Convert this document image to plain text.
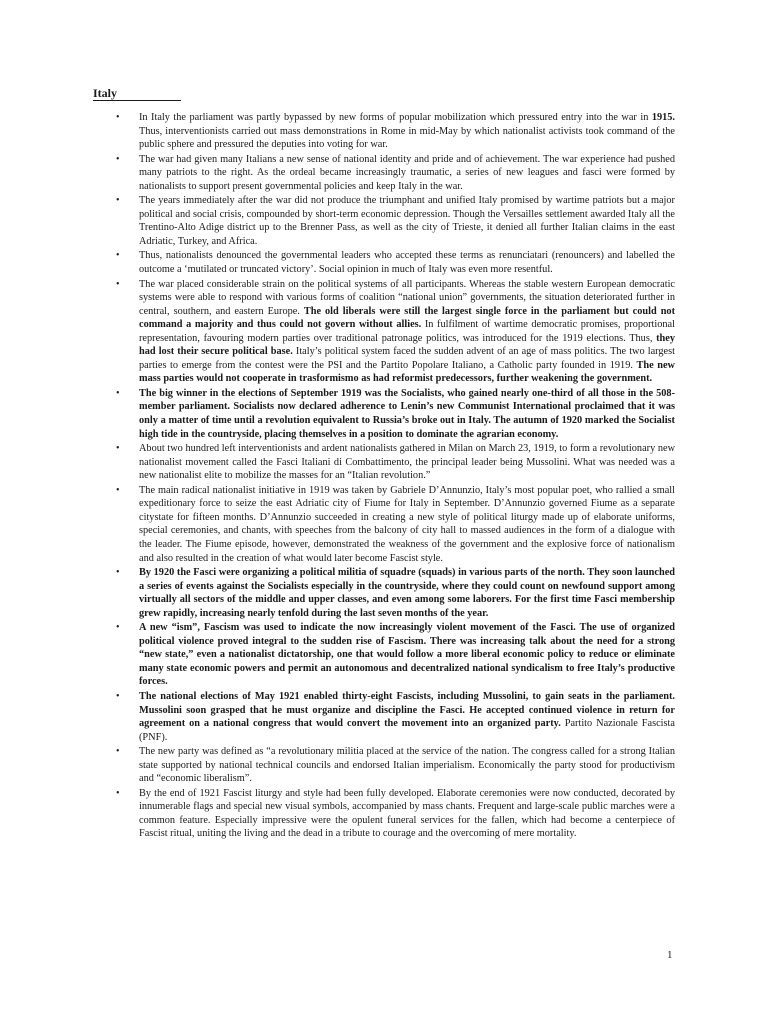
Italy
• In Italy the parliament was partly bypassed by new forms of popular mobilization which pressured entry into the war in 1915. Thus, interventionists carried out mass demonstrations in Rome in mid-May by which nationalist activists took command of the public sphere and pressured the deputies into voting for war.
• The war had given many Italians a new sense of national identity and pride and of achievement. The war experience had pushed many patriots to the right. As the ordeal became increasingly traumatic, a series of new leagues and fasci were formed by nationalists to support present governmental policies and keep Italy in the war.
• The years immediately after the war did not produce the triumphant and unified Italy promised by wartime patriots but a major political and social crisis, compounded by short-term economic depression. Though the Versailles settlement awarded Italy all the Trentino-Alto Adige district up to the Brenner Pass, as well as the city of Trieste, it denied all further Italian claims in the east Adriatic, Turkey, and Africa.
• Thus, nationalists denounced the governmental leaders who accepted these terms as renunciatari (renouncers) and labelled the outcome a ‘mutilated or truncated victory’. Social opinion in much of Italy was even more resentful.
• The war placed considerable strain on the political systems of all participants. Whereas the stable western European democratic systems were able to respond with various forms of coalition “national union” governments, the situation deteriorated further in central, southern, and eastern Europe. The old liberals were still the largest single force in the parliament but could not command a majority and thus could not govern without allies. In fulfilment of wartime democratic promises, proportional representation, favouring modern parties over traditional patronage politics, was introduced for the 1919 elections. Thus, they had lost their secure political base. Italy’s political system faced the sudden advent of an age of mass politics. The two largest parties to emerge from the contest were the PSI and the Partito Popolare Italiano, a Catholic party founded in 1919. The new mass parties would not cooperate in trasformismo as had reformist predecessors, further weakening the government.
• The big winner in the elections of September 1919 was the Socialists, who gained nearly one-third of all those in the 508-member parliament. Socialists now declared adherence to Lenin’s new Communist International proclaimed that it was only a matter of time until a revolution equivalent to Russia’s broke out in Italy. The autumn of 1920 marked the Socialist high tide in the countryside, placing themselves in a position to dominate the agrarian economy.
• About two hundred left interventionists and ardent nationalists gathered in Milan on March 23, 1919, to form a revolutionary new nationalist movement called the Fasci Italiani di Combattimento, the principal leader being Mussolini. What was needed was a new nationalist elite to mobilize the masses for an “Italian revolution.”
• The main radical nationalist initiative in 1919 was taken by Gabriele D’Annunzio, Italy’s most popular poet, who rallied a small expeditionary force to seize the east Adriatic city of Fiume for Italy in September. D’Annunzio governed Fiume as a separate citystate for fifteen months. D’Annunzio succeeded in creating a new style of political liturgy made up of elaborate uniforms, special ceremonies, and chants, with speeches from the balcony of city hall to massed audiences in the form of a dialogue with the leader. The Fiume episode, however, demonstrated the weakness of the government and the explosive force of nationalism and also resulted in the creation of what would later become Fascist style.
• By 1920 the Fasci were organizing a political militia of squadre (squads) in various parts of the north. They soon launched a series of events against the Socialists especially in the countryside, where they could count on newfound support among virtually all sectors of the middle and upper classes, and even among some laborers. For the first time Fasci membership grew rapidly, increasing nearly tenfold during the last seven months of the year.
• A new “ism”, Fascism was used to indicate the now increasingly violent movement of the Fasci. The use of organized political violence proved integral to the sudden rise of Fascism. There was increasing talk about the need for a strong “new state,” even a nationalist dictatorship, one that would follow a more liberal economic policy to reduce or eliminate many state economic powers and permit an autonomous and decentralized national syndicalism to free Italy’s productive forces.
• The national elections of May 1921 enabled thirty-eight Fascists, including Mussolini, to gain seats in the parliament. Mussolini soon grasped that he must organize and discipline the Fasci. He accepted continued violence in return for agreement on a national congress that would convert the movement into an organized party. Partito Nazionale Fascista (PNF).
• The new party was defined as “a revolutionary militia placed at the service of the nation. The congress called for a strong Italian state supported by national technical councils and endorsed Italian imperialism. Economically the party stood for productivism and “economic liberalism”.
• By the end of 1921 Fascist liturgy and style had been fully developed. Elaborate ceremonies were now conducted, decorated by innumerable flags and special new visual symbols, accompanied by mass chants. Frequent and large-scale public marches were a common feature. Especially impressive were the opulent funeral services for the fallen, which had become a centerpiece of Fascist ritual, uniting the living and the dead in a tribute to courage and the overcoming of mere mortality.
1
